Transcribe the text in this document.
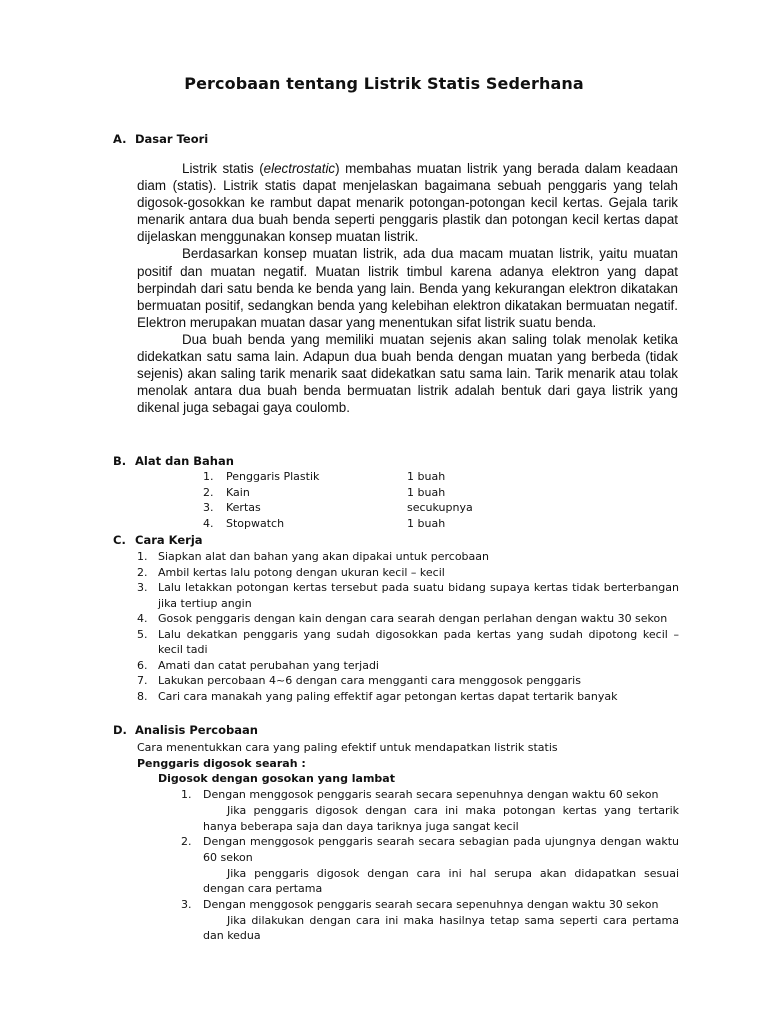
Percobaan tentang Listrik Statis Sederhana
A. Dasar Teori

Listrik statis (electrostatic) membahas muatan listrik yang berada dalam keadaan diam (statis). Listrik statis dapat menjelaskan bagaimana sebuah penggaris yang telah digosok-gosokkan ke rambut dapat menarik potongan-potongan kecil kertas. Gejala tarik menarik antara dua buah benda seperti penggaris plastik dan potongan kecil kertas dapat dijelaskan menggunakan konsep muatan listrik.

Berdasarkan konsep muatan listrik, ada dua macam muatan listrik, yaitu muatan positif dan muatan negatif. Muatan listrik timbul karena adanya elektron yang dapat berpindah dari satu benda ke benda yang lain. Benda yang kekurangan elektron dikatakan bermuatan positif, sedangkan benda yang kelebihan elektron dikatakan bermuatan negatif. Elektron merupakan muatan dasar yang menentukan sifat listrik suatu benda.

Dua buah benda yang memiliki muatan sejenis akan saling tolak menolak ketika didekatkan satu sama lain. Adapun dua buah benda dengan muatan yang berbeda (tidak sejenis) akan saling tarik menarik saat didekatkan satu sama lain. Tarik menarik atau tolak menolak antara dua buah benda bermuatan listrik adalah bentuk dari gaya listrik yang dikenal juga sebagai gaya coulomb.

B. Alat dan Bahan
1. Penggaris Plastik	1 buah
2. Kain	1 buah
3. Kertas	secukupnya
4. Stopwatch	1 buah
C. Cara Kerja
1. Siapkan alat dan bahan yang akan dipakai untuk percobaan
2. Ambil kertas lalu potong dengan ukuran kecil – kecil
3. Lalu letakkan potongan kertas tersebut pada suatu bidang supaya kertas tidak berterbangan jika tertiup angin
4. Gosok penggaris dengan kain dengan cara searah dengan perlahan dengan waktu 30 sekon
5. Lalu dekatkan penggaris yang sudah digosokkan pada kertas yang sudah dipotong kecil – kecil tadi
6. Amati dan catat perubahan yang terjadi
7. Lakukan percobaan 4~6 dengan cara mengganti cara menggosok penggaris
8. Cari cara manakah yang paling effektif agar petongan kertas dapat tertarik banyak
D. Analisis Percobaan
Cara menentukkan cara yang paling efektif untuk mendapatkan listrik statis
Penggaris digosok searah :
Digosok dengan gosokan yang lambat
1. Dengan menggosok penggaris searah secara sepenuhnya dengan waktu 60 sekon
Jika penggaris digosok dengan cara ini maka potongan kertas yang tertarik hanya beberapa saja dan daya tariknya juga sangat kecil
2. Dengan menggosok penggaris searah secara sebagian pada ujungnya dengan waktu 60 sekon
Jika penggaris digosok dengan cara ini hal serupa akan didapatkan sesuai dengan cara pertama
3. Dengan menggosok penggaris searah secara sepenuhnya dengan waktu 30 sekon
Jika dilakukan dengan cara ini maka hasilnya tetap sama seperti cara pertama dan kedua
